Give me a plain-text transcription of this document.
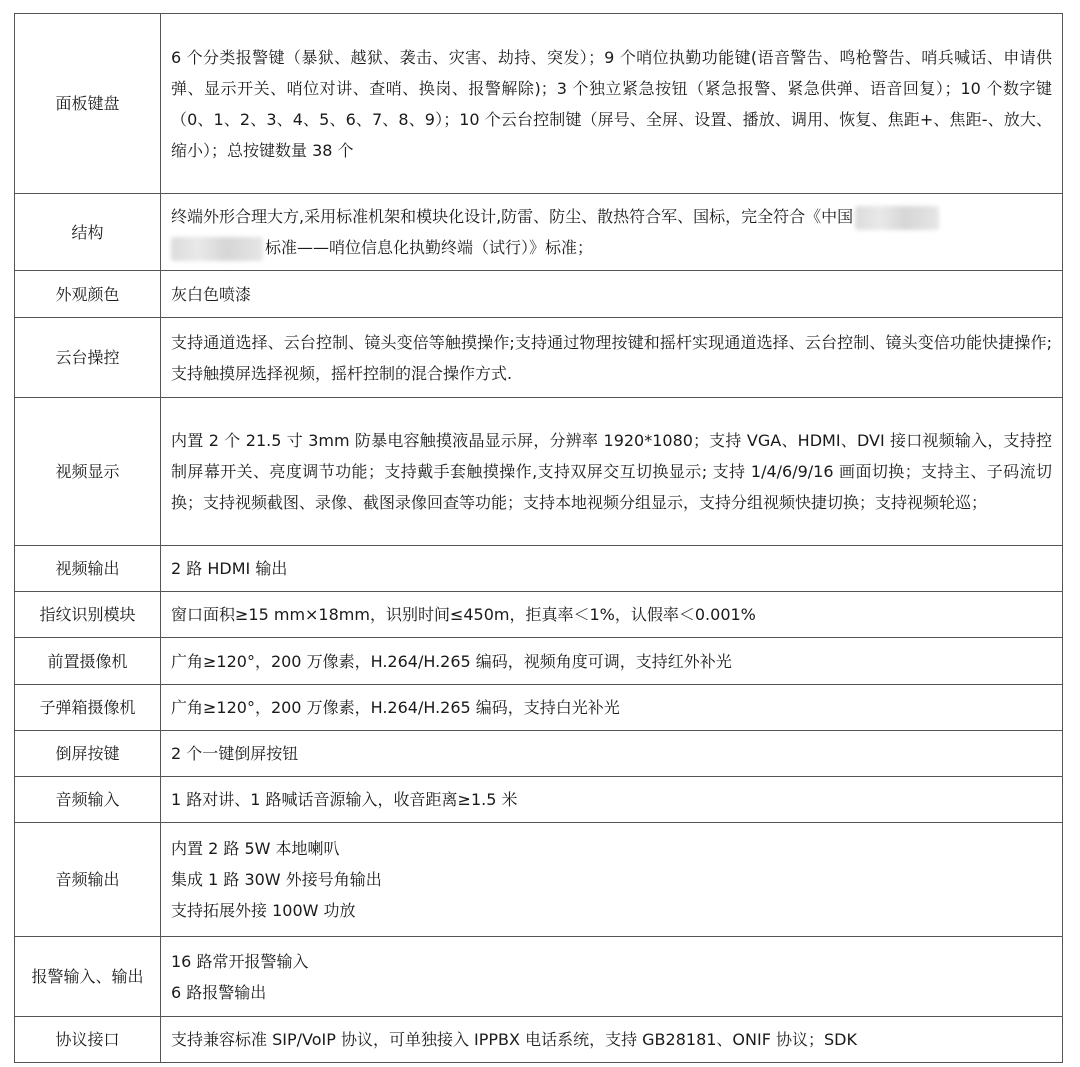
面板键盘	6 个分类报警键（暴狱、越狱、袭击、灾害、劫持、突发）；9 个哨位执勤功能键(语音警告、鸣枪警告、哨兵喊话、申请供弹、显示开关、哨位对讲、查哨、换岗、报警解除)；3 个独立紧急按钮（紧急报警、紧急供弹、语音回复）；10 个数字键（0、1、2、3、4、5、6、7、8、9）；10 个云台控制键（屏号、全屏、设置、播放、调用、恢复、焦距+、焦距-、放大、缩小）；总按键数量 38 个
结构	终端外形合理大方,采用标准机架和模块化设计,防雷、防尘、散热符合军、国标，完全符合《中国
标准——哨位信息化执勤终端（试行）》标准；

外观颜色	灰白色喷漆
云台操控	支持通道选择、云台控制、镜头变倍等触摸操作;支持通过物理按键和摇杆实现通道选择、云台控制、镜头变倍功能快捷操作;支持触摸屏选择视频，摇杆控制的混合操作方式.
视频显示	内置 2 个 21.5 寸 3mm 防暴电容触摸液晶显示屏，分辨率 1920*1080；支持 VGA、HDMI、DVI 接口视频输入，支持控制屏幕开关、亮度调节功能；支持戴手套触摸操作,支持双屏交互切换显示; 支持 1/4/6/9/16 画面切换；支持主、子码流切换；支持视频截图、录像、截图录像回查等功能；支持本地视频分组显示，支持分组视频快捷切换；支持视频轮巡；
视频输出	2 路 HDMI 输出
指纹识别模块	窗口面积≥15 mm×18mm，识别时间≤450m，拒真率＜1%，认假率＜0.001%
前置摄像机	广角≥120°，200 万像素，H.264/H.265 编码，视频角度可调，支持红外补光
子弹箱摄像机	广角≥120°，200 万像素，H.264/H.265 编码，支持白光补光
倒屏按键	2 个一键倒屏按钮
音频输入	1 路对讲、1 路喊话音源输入，收音距离≥1.5 米
音频输出	内置 2 路 5W 本地喇叭
集成 1 路 30W 外接号角输出
支持拓展外接 100W 功放

报警输入、输出	16 路常开报警输入
6 路报警输出

协议接口	支持兼容标准 SIP/VoIP 协议，可单独接入 IPPBX 电话系统，支持 GB28181、ONIF 协议；SDK
